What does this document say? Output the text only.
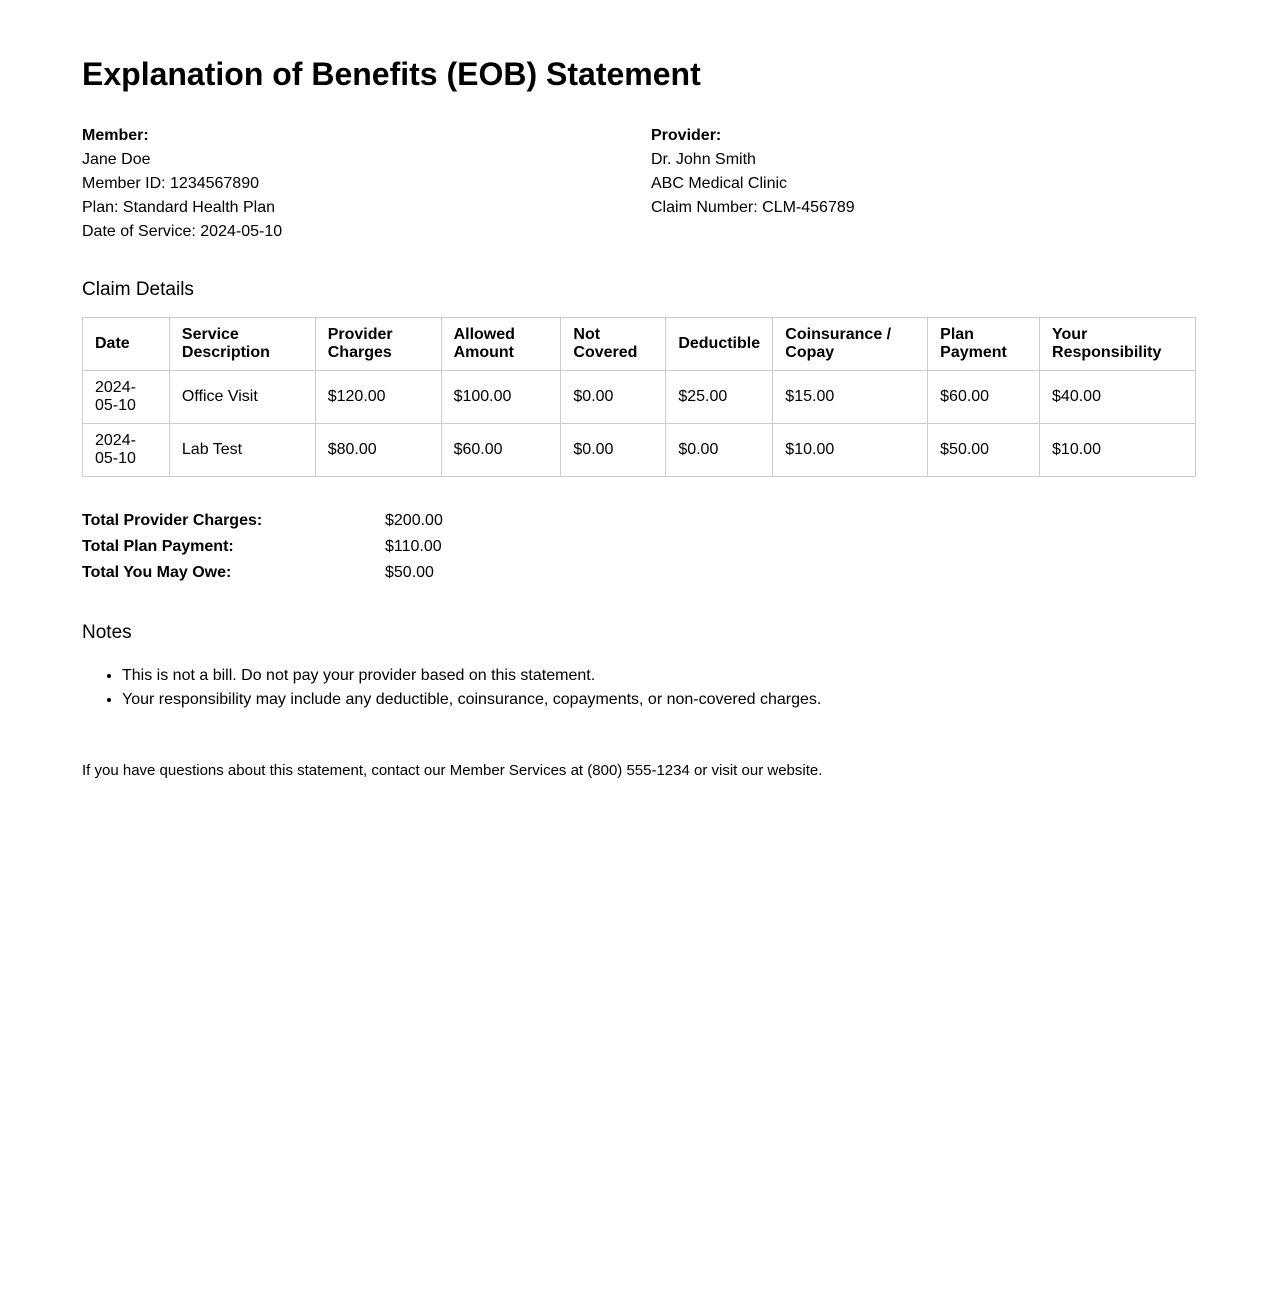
Explanation of Benefits (EOB) Statement
Member:
Jane Doe
Member ID: 1234567890
Plan: Standard Health Plan
Date of Service: 2024-05-10
Provider:
Dr. John Smith
ABC Medical Clinic
Claim Number: CLM-456789
Claim Details
Date	Service Description	Provider Charges	Allowed Amount	Not Covered	Deductible	Coinsurance / Copay	Plan Payment	Your Responsibility
2024-05-10	Office Visit	$120.00	$100.00	$0.00	$25.00	$15.00	$60.00	$40.00
2024-05-10	Lab Test	$80.00	$60.00	$0.00	$0.00	$10.00	$50.00	$10.00
Total Provider Charges:	$200.00
Total Plan Payment:	$110.00
Total You May Owe:	$50.00
Notes
• This is not a bill. Do not pay your provider based on this statement.
• Your responsibility may include any deductible, coinsurance, copayments, or non-covered charges.
If you have questions about this statement, contact our Member Services at (800) 555-1234 or visit our website.
